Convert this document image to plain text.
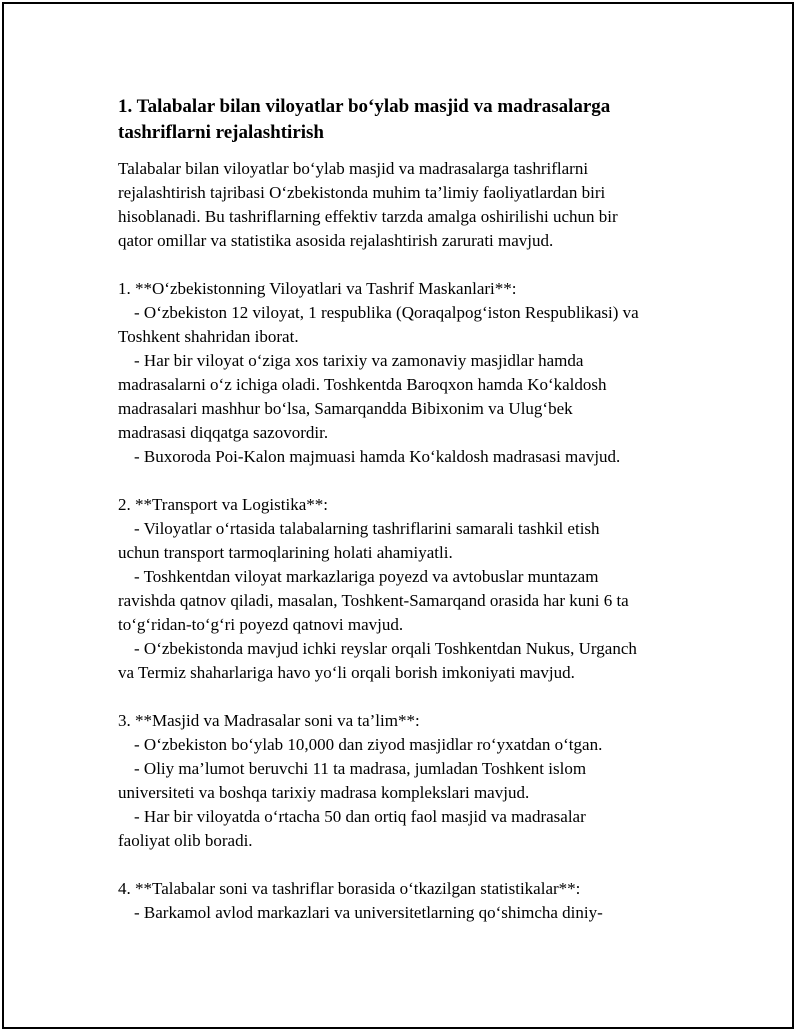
1. Talabalar bilan viloyatlar bo‘ylab masjid va madrasalarga
tashriflarni rejalashtirish

Talabalar bilan viloyatlar bo‘ylab masjid va madrasalarga tashriflarni
rejalashtirish tajribasi O‘zbekistonda muhim ta’limiy faoliyatlardan biri
hisoblanadi. Bu tashriflarning effektiv tarzda amalga oshirilishi uchun bir
qator omillar va statistika asosida rejalashtirish zarurati mavjud.

1. **O‘zbekistonning Viloyatlari va Tashrif Maskanlari**:
- O‘zbekiston 12 viloyat, 1 respublika (Qoraqalpog‘iston Respublikasi) va
Toshkent shahridan iborat.
- Har bir viloyat o‘ziga xos tarixiy va zamonaviy masjidlar hamda
madrasalarni o‘z ichiga oladi. Toshkentda Baroqxon hamda Ko‘kaldosh
madrasalari mashhur bo‘lsa, Samarqandda Bibixonim va Ulug‘bek
madrasasi diqqatga sazovordir.
- Buxoroda Poi-Kalon majmuasi hamda Ko‘kaldosh madrasasi mavjud.
2. **Transport va Logistika**:
- Viloyatlar o‘rtasida talabalarning tashriflarini samarali tashkil etish
uchun transport tarmoqlarining holati ahamiyatli.
- Toshkentdan viloyat markazlariga poyezd va avtobuslar muntazam
ravishda qatnov qiladi, masalan, Toshkent-Samarqand orasida har kuni 6 ta
to‘g‘ridan-to‘g‘ri poyezd qatnovi mavjud.
- O‘zbekistonda mavjud ichki reyslar orqali Toshkentdan Nukus, Urganch
va Termiz shaharlariga havo yo‘li orqali borish imkoniyati mavjud.
3. **Masjid va Madrasalar soni va ta’lim**:
- O‘zbekiston bo‘ylab 10,000 dan ziyod masjidlar ro‘yxatdan o‘tgan.
- Oliy ma’lumot beruvchi 11 ta madrasa, jumladan Toshkent islom
universiteti va boshqa tarixiy madrasa komplekslari mavjud.
- Har bir viloyatda o‘rtacha 50 dan ortiq faol masjid va madrasalar
faoliyat olib boradi.
4. **Talabalar soni va tashriflar borasida o‘tkazilgan statistikalar**:
- Barkamol avlod markazlari va universitetlarning qo‘shimcha diniy-
